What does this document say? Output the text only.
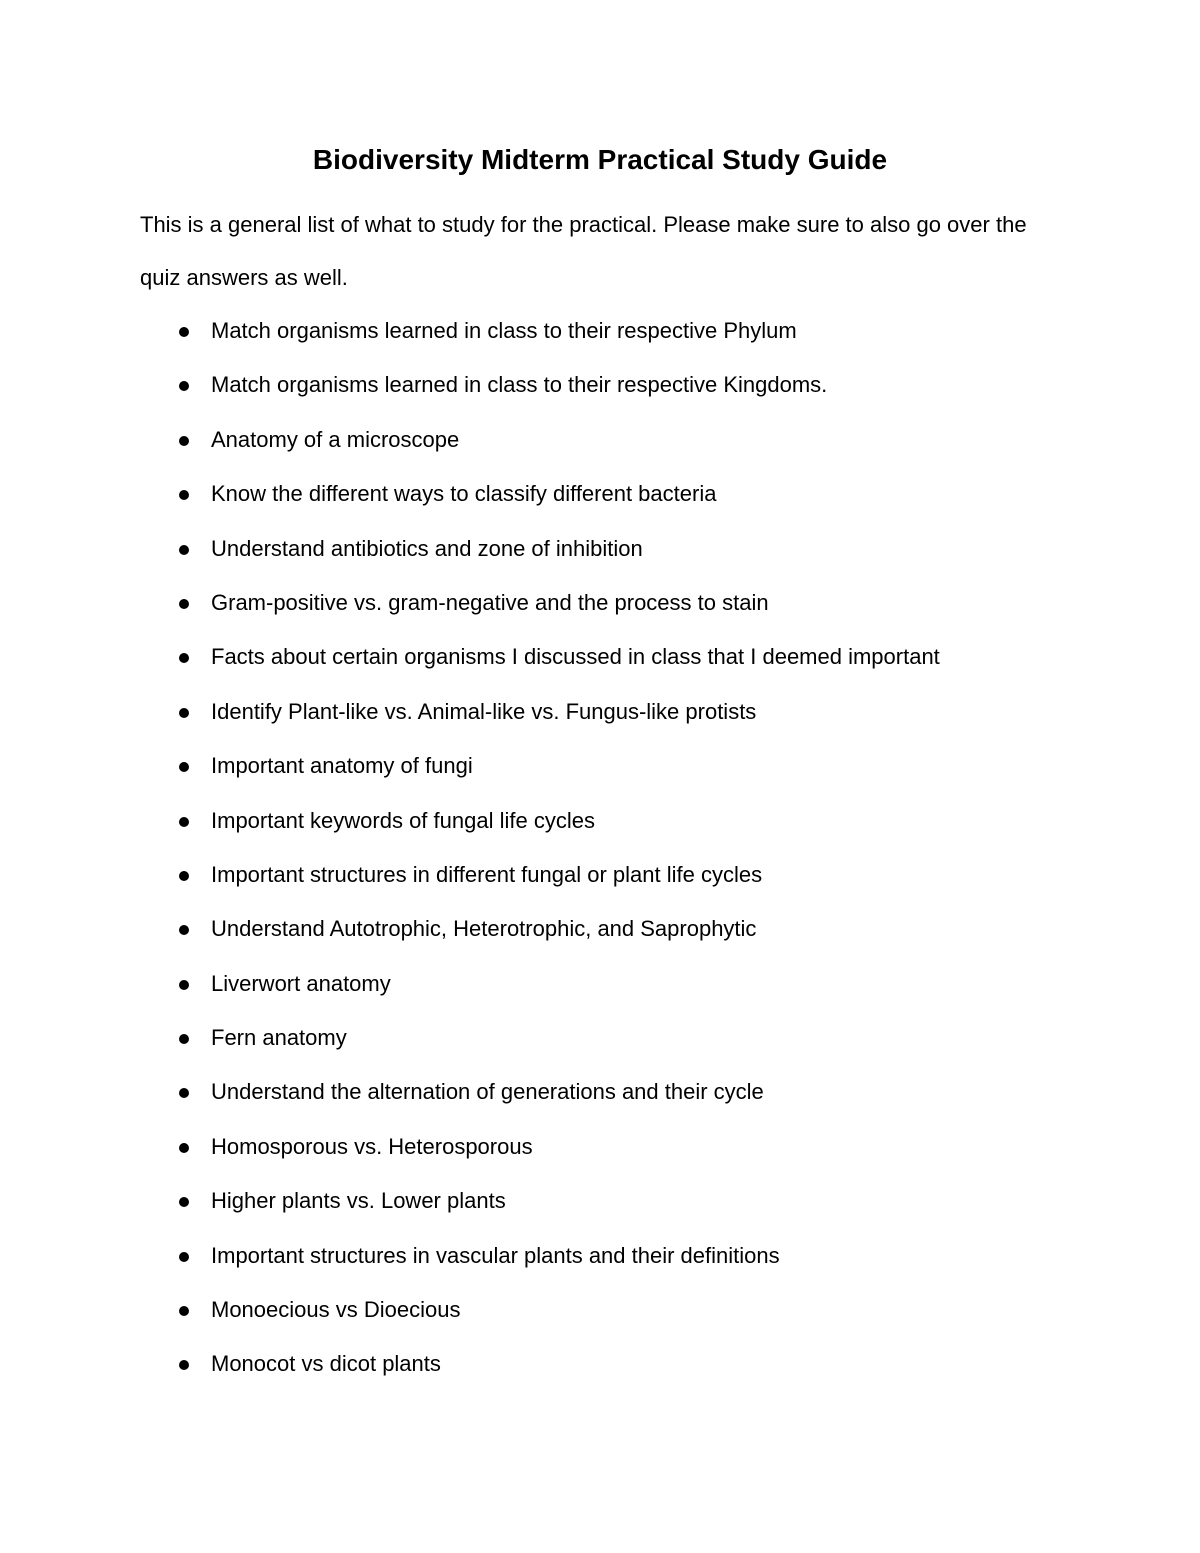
Biodiversity Midterm Practical Study Guide

This is a general list of what to study for the practical. Please make sure to also go over the quiz answers as well.

Match organisms learned in class to their respective Phylum
Match organisms learned in class to their respective Kingdoms.
Anatomy of a microscope
Know the different ways to classify different bacteria
Understand antibiotics and zone of inhibition
Gram-positive vs. gram-negative and the process to stain
Facts about certain organisms I discussed in class that I deemed important
Identify Plant-like vs. Animal-like vs. Fungus-like protists
Important anatomy of fungi
Important keywords of fungal life cycles
Important structures in different fungal or plant life cycles
Understand Autotrophic, Heterotrophic, and Saprophytic
Liverwort anatomy
Fern anatomy
Understand the alternation of generations and their cycle
Homosporous vs. Heterosporous
Higher plants vs. Lower plants
Important structures in vascular plants and their definitions
Monoecious vs Dioecious
Monocot vs dicot plants
